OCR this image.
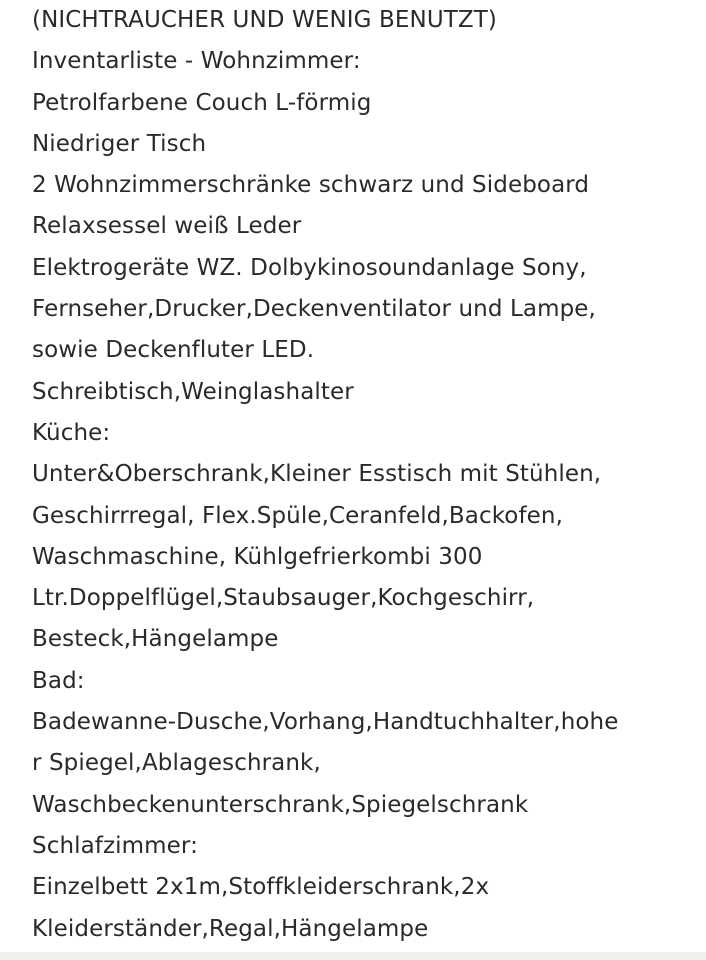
(NICHTRAUCHER UND WENIG BENUTZT)
Inventarliste - Wohnzimmer:
Petrolfarbene Couch L-förmig
Niedriger Tisch
2 Wohnzimmerschränke schwarz und Sideboard
Relaxsessel weiß Leder
Elektrogeräte WZ. Dolbykinosoundanlage Sony,
Fernseher,Drucker,Deckenventilator und Lampe,
sowie Deckenfluter LED.
Schreibtisch,Weinglashalter
Küche:
Unter&Oberschrank,Kleiner Esstisch mit Stühlen,
Geschirrregal, Flex.Spüle,Ceranfeld,Backofen,
Waschmaschine, Kühlgefrierkombi 300
Ltr.Doppelflügel,Staubsauger,Kochgeschirr,
Besteck,Hängelampe
Bad:
Badewanne-Dusche,Vorhang,Handtuchhalter,hohe
r Spiegel,Ablageschrank,
Waschbeckenunterschrank,Spiegelschrank
Schlafzimmer:
Einzelbett 2x1m,Stoffkleiderschrank,2x
Kleiderständer,Regal,Hängelampe
